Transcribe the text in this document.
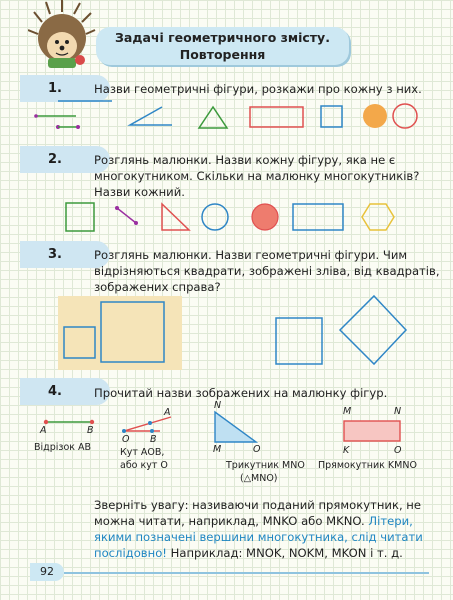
Задачі геометричного змісту.
Повторення
1.	Назви геометричні фігури, розкажи про кожну з них.
2.	Розглянь малюнки. Назви кожну фігуру, яка не є многокутником. Скільки на малюнку многокутників? Назви кожний.
3.	Розглянь малюнки. Назви геометричні фігури. Чим відрізняються квадрати, зображені зліва, від квадратів, зображених справа?
4.	Прочитай назви зображених на малюнку фігур.
А	В
Відрізок АВ
А
О В
Кут АОВ,
або кут О
N
M	O
Трикутник MNO
(△MNO)
M	N
K	O
Прямокутник KMNO
Зверніть увагу: називаючи поданий прямокутник, не можна читати, наприклад, MNKO або MKNO. Літери, якими позначені вершини многокутника, слід читати послідовно! Наприклад: MNOK, NOKM, MKON і т. д.
92
